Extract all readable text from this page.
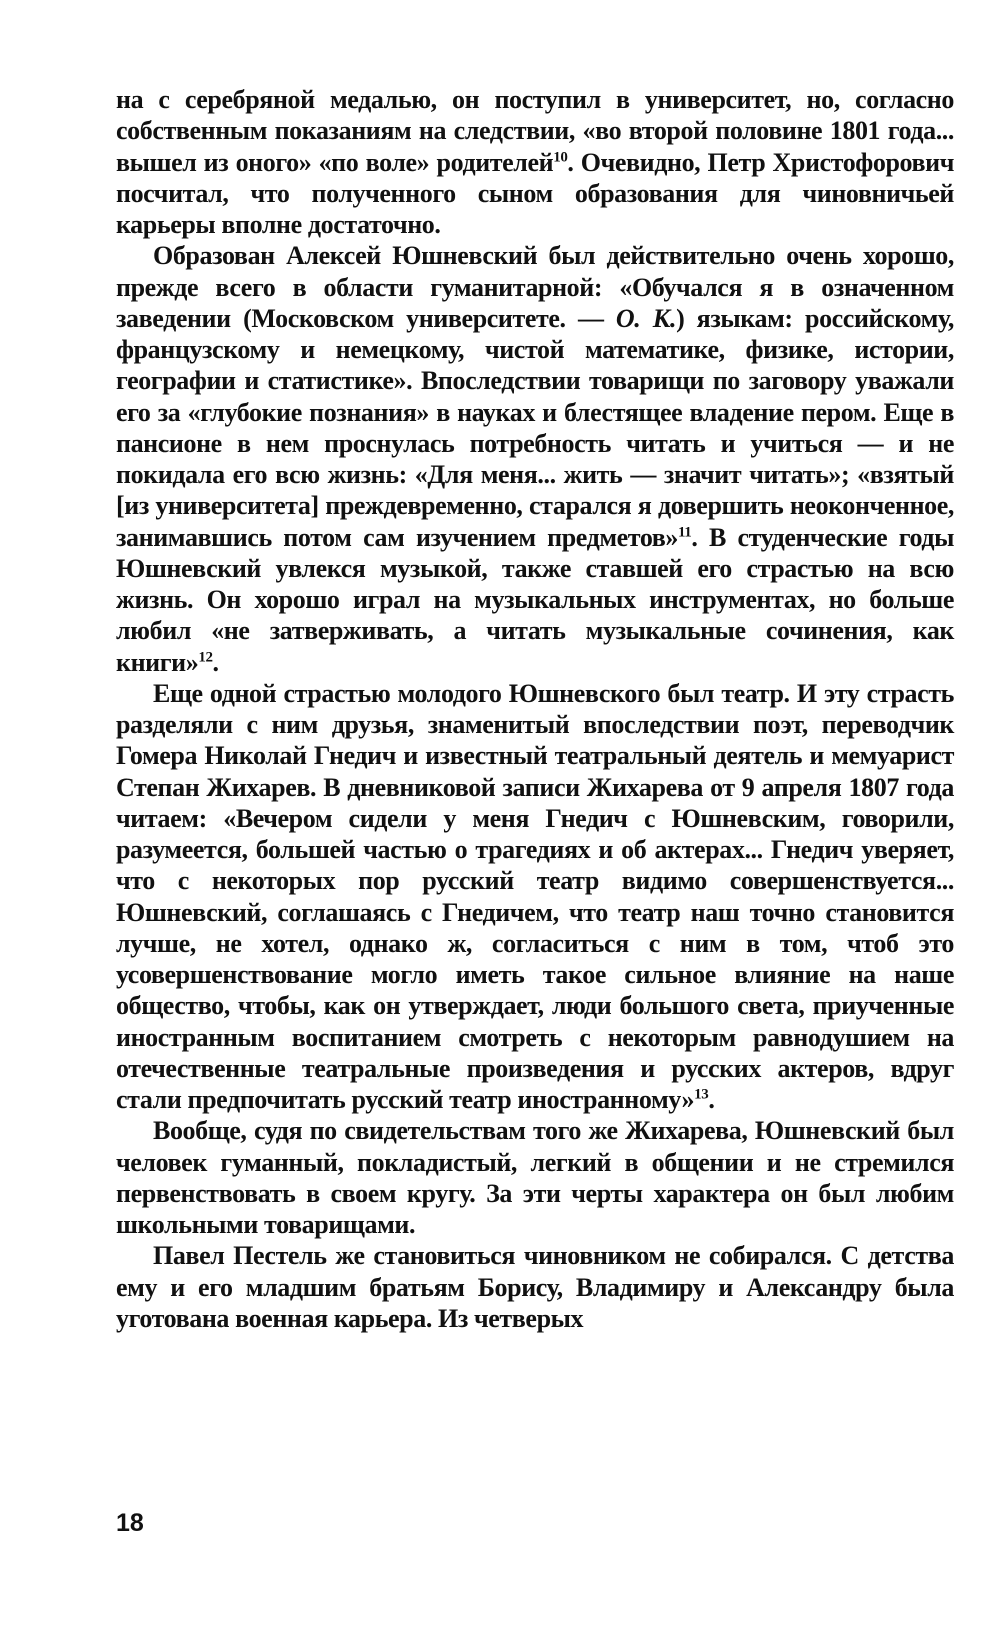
на с серебряной медалью, он поступил в университет, но, согласно собственным показаниям на следствии, «во второй половине 1801 года... вышел из оного» «по воле» родителей$^{10}$. Очевидно, Петр Христофорович посчитал, что полученного сыном образования для чиновничьей карьеры вполне достаточно.

Образован Алексей Юшневский был действительно очень хорошо, прежде всего в области гуманитарной: «Обучался я в означенном заведении (Московском университете. — О. К.) языкам: российскому, французскому и немецкому, чистой математике, физике, истории, географии и статистике». Впоследствии товарищи по заговору уважали его за «глубокие познания» в науках и блестящее владение пером. Еще в пансионе в нем проснулась потребность читать и учиться — и не покидала его всю жизнь: «Для меня... жить — значит читать»; «взятый [из университета] преждевременно, старался я довершить неоконченное, занимавшись потом сам изучением предметов»$^{11}$. В студенческие годы Юшневский увлекся музыкой, также ставшей его страстью на всю жизнь. Он хорошо играл на музыкальных инструментах, но больше любил «не затверживать, а читать музыкальные сочинения, как книги»$^{12}$.

Еще одной страстью молодого Юшневского был театр. И эту страсть разделяли с ним друзья, знаменитый впоследствии поэт, переводчик Гомера Николай Гнедич и известный театральный деятель и мемуарист Степан Жихарев. В дневниковой записи Жихарева от 9 апреля 1807 года читаем: «Вечером сидели у меня Гнедич с Юшневским, говорили, разумеется, большей частью о трагедиях и об актерах... Гнедич уверяет, что с некоторых пор русский театр видимо совершенствуется... Юшневский, соглашаясь с Гнедичем, что театр наш точно становится лучше, не хотел, однако ж, согласиться с ним в том, чтоб это усовершенствование могло иметь такое сильное влияние на наше общество, чтобы, как он утверждает, люди большого света, приученные иностранным воспитанием смотреть с некоторым равнодушием на отечественные театральные произведения и русских актеров, вдруг стали предпочитать русский театр иностранному»$^{13}$.

Вообще, судя по свидетельствам того же Жихарева, Юшневский был человек гуманный, покладистый, легкий в общении и не стремился первенствовать в своем кругу. За эти черты характера он был любим школьными товарищами.

Павел Пестель же становиться чиновником не собирался. С детства ему и его младшим братьям Борису, Владимиру и Александру была уготована военная карьера. Из четверых

18
